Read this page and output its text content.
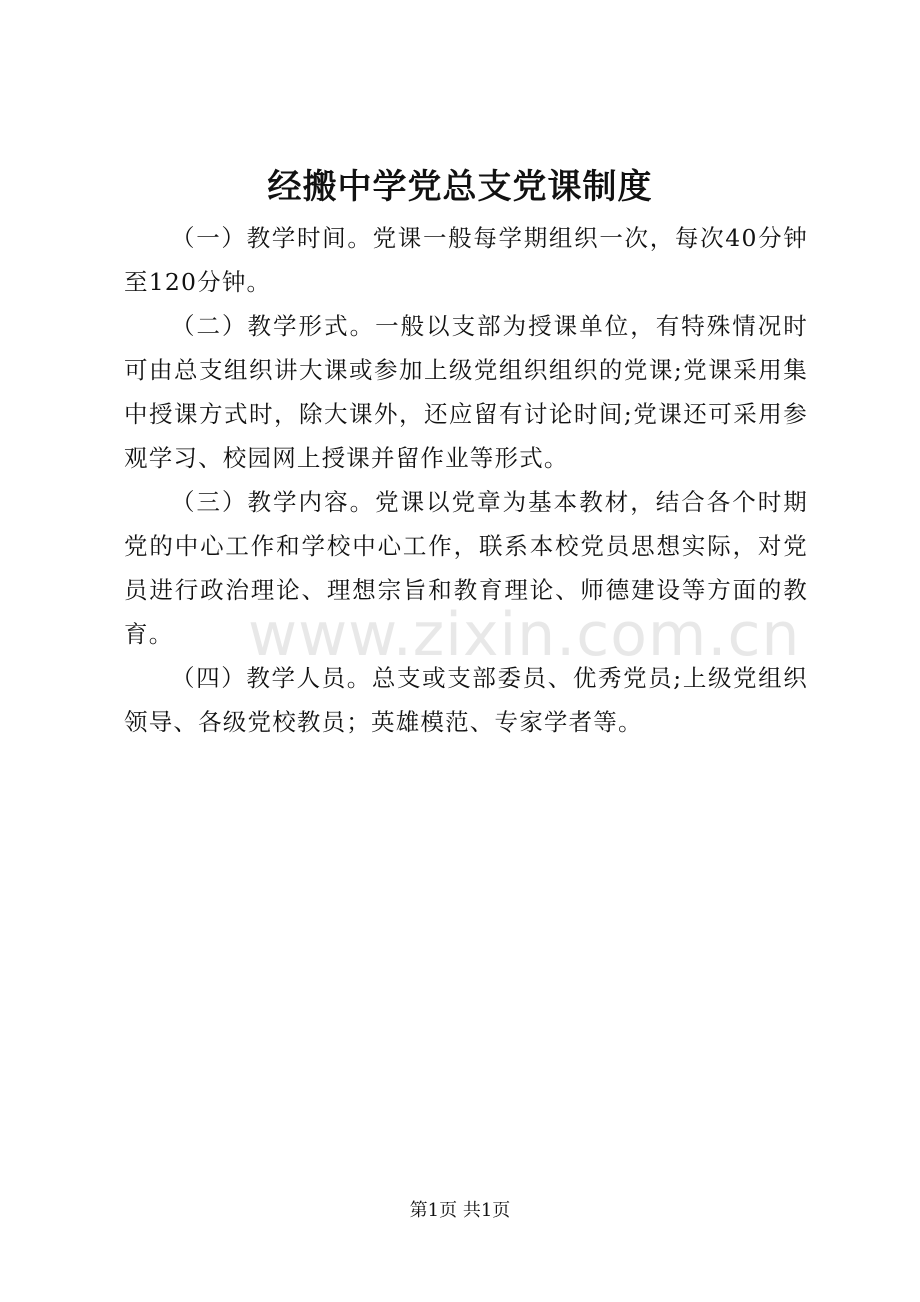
经搬中学党总支党课制度

（一）教学时间。党课一般每学期组织一次，每次40分钟至120分钟。

（二）教学形式。一般以支部为授课单位，有特殊情况时可由总支组织讲大课或参加上级党组织组织的党课;党课采用集中授课方式时，除大课外，还应留有讨论时间;党课还可采用参观学习、校园网上授课并留作业等形式。

（三）教学内容。党课以党章为基本教材，结合各个时期党的中心工作和学校中心工作，联系本校党员思想实际，对党员进行政治理论、理想宗旨和教育理论、师德建设等方面的教育。

（四）教学人员。总支或支部委员、优秀党员;上级党组织领导、各级党校教员；英雄模范、专家学者等。

www.zixin.com.cn
第1页 共1页
